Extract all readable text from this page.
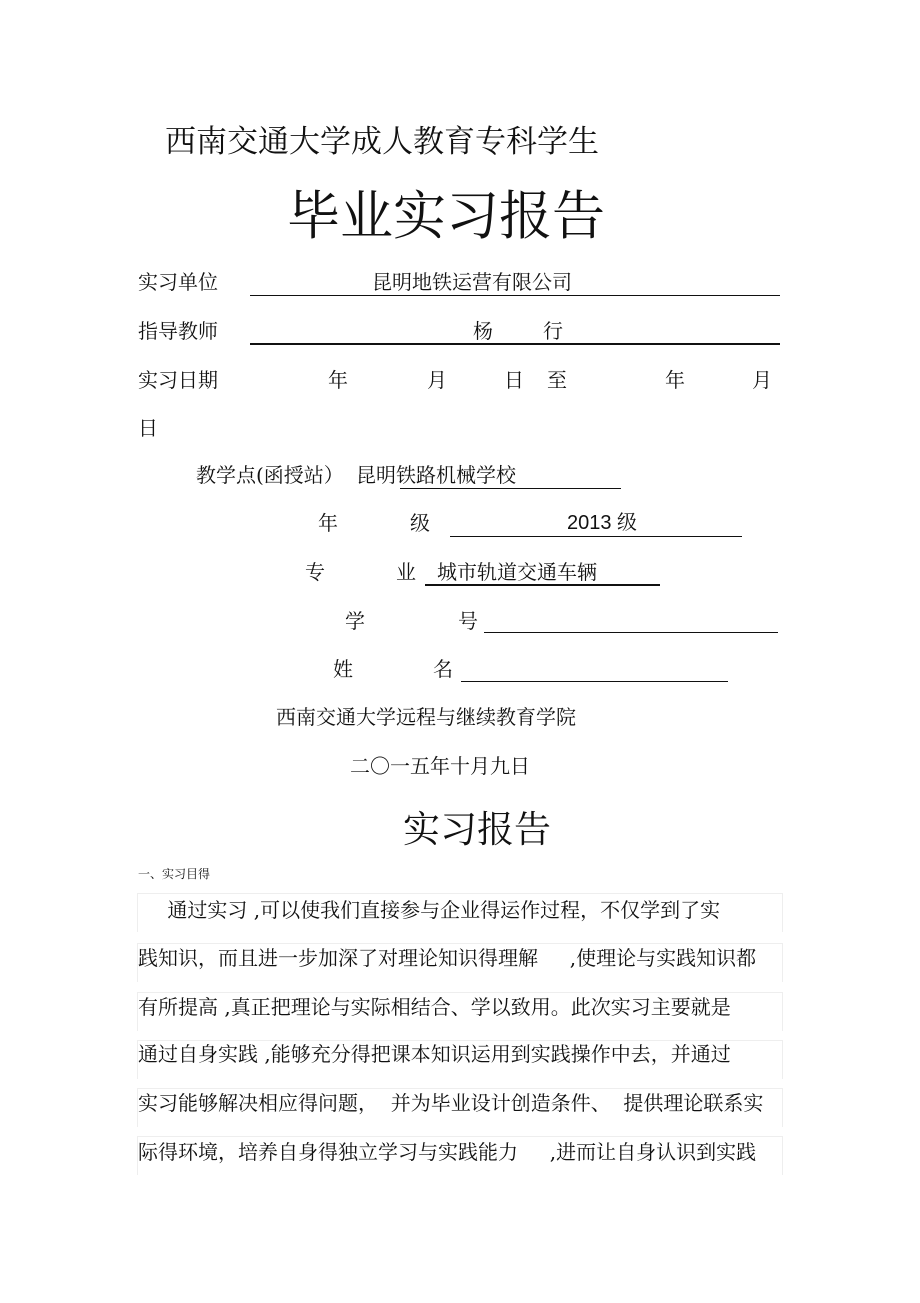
西南交通大学成人教育专科学生
毕业实习报告
实习单位	昆明地铁运营有限公司
指导教师	杨	行
实习日期	年	月	日 至	年	月
日
教学点(函授站） 昆明铁路机械学校
年	级	2013 级
专	业 城市轨道交通车辆
学	号
姓	名
西南交通大学远程与继续教育学院
二〇一五年十月九日
实习报告
一、实习目得
通过实习 ,可以使我们直接参与企业得运作过程，不仅学到了实
践知识，而且进一步加深了对理论知识得理解     ,使理论与实践知识都
有所提高 ,真正把理论与实际相结合、学以致用。此次实习主要就是
通过自身实践 ,能够充分得把课本知识运用到实践操作中去，并通过
实习能够解决相应得问题，  并为毕业设计创造条件、  提供理论联系实
际得环境，培养自身得独立学习与实践能力     ,进而让自身认识到实践
